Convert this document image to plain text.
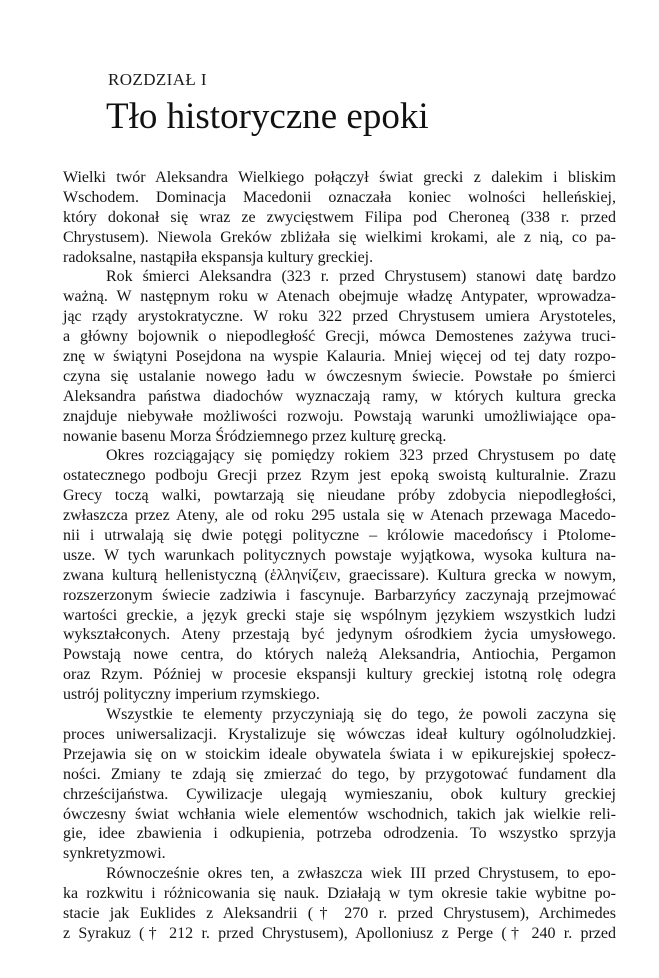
ROZDZIAŁ I
Tło historyczne epoki

Wielki twór Aleksandra Wielkiego połączył świat grecki z dalekim i bliskim
Wschodem. Dominacja Macedonii oznaczała koniec wolności helleńskiej,
który dokonał się wraz ze zwycięstwem Filipa pod Cheroneą (338 r. przed
Chrystusem). Niewola Greków zbliżała się wielkimi krokami, ale z nią, co pa-
radoksalne, nastąpiła ekspansja kultury greckiej.

Rok śmierci Aleksandra (323 r. przed Chrystusem) stanowi datę bardzo
ważną. W następnym roku w Atenach obejmuje władzę Antypater, wprowadza-
jąc rządy arystokratyczne. W roku 322 przed Chrystusem umiera Arystoteles,
a główny bojownik o niepodległość Grecji, mówca Demostenes zażywa truci-
znę w świątyni Posejdona na wyspie Kalauria. Mniej więcej od tej daty rozpo-
czyna się ustalanie nowego ładu w ówczesnym świecie. Powstałe po śmierci
Aleksandra państwa diadochów wyznaczają ramy, w których kultura grecka
znajduje niebywałe możliwości rozwoju. Powstają warunki umożliwiające opa-
nowanie basenu Morza Śródziemnego przez kulturę grecką.

Okres rozciągający się pomiędzy rokiem 323 przed Chrystusem po datę
ostatecznego podboju Grecji przez Rzym jest epoką swoistą kulturalnie. Zrazu
Grecy toczą walki, powtarzają się nieudane próby zdobycia niepodległości,
zwłaszcza przez Ateny, ale od roku 295 ustala się w Atenach przewaga Macedo-
nii i utrwalają się dwie potęgi polityczne – królowie macedońscy i Ptolome-
usze. W tych warunkach politycznych powstaje wyjątkowa, wysoka kultura na-
zwana kulturą hellenistyczną (ἑλληνίζειν, graecissare). Kultura grecka w nowym,
rozszerzonym świecie zadziwia i fascynuje. Barbarzyńcy zaczynają przejmować
wartości greckie, a język grecki staje się wspólnym językiem wszystkich ludzi
wykształconych. Ateny przestają być jedynym ośrodkiem życia umysłowego.
Powstają nowe centra, do których należą Aleksandria, Antiochia, Pergamon
oraz Rzym. Później w procesie ekspansji kultury greckiej istotną rolę odegra
ustrój polityczny imperium rzymskiego.

Wszystkie te elementy przyczyniają się do tego, że powoli zaczyna się
proces uniwersalizacji. Krystalizuje się wówczas ideał kultury ogólnoludzkiej.
Przejawia się on w stoickim ideale obywatela świata i w epikurejskiej społecz-
ności. Zmiany te zdają się zmierzać do tego, by przygotować fundament dla
chrześcijaństwa. Cywilizacje ulegają wymieszaniu, obok kultury greckiej
ówczesny świat wchłania wiele elementów wschodnich, takich jak wielkie reli-
gie, idee zbawienia i odkupienia, potrzeba odrodzenia. To wszystko sprzyja
synkretyzmowi.

Równocześnie okres ten, a zwłaszcza wiek III przed Chrystusem, to epo-
ka rozkwitu i różnicowania się nauk. Działają w tym okresie takie wybitne po-
stacie jak Euklides z Aleksandrii († 270 r. przed Chrystusem), Archimedes
z Syrakuz († 212 r. przed Chrystusem), Apolloniusz z Perge († 240 r. przed
